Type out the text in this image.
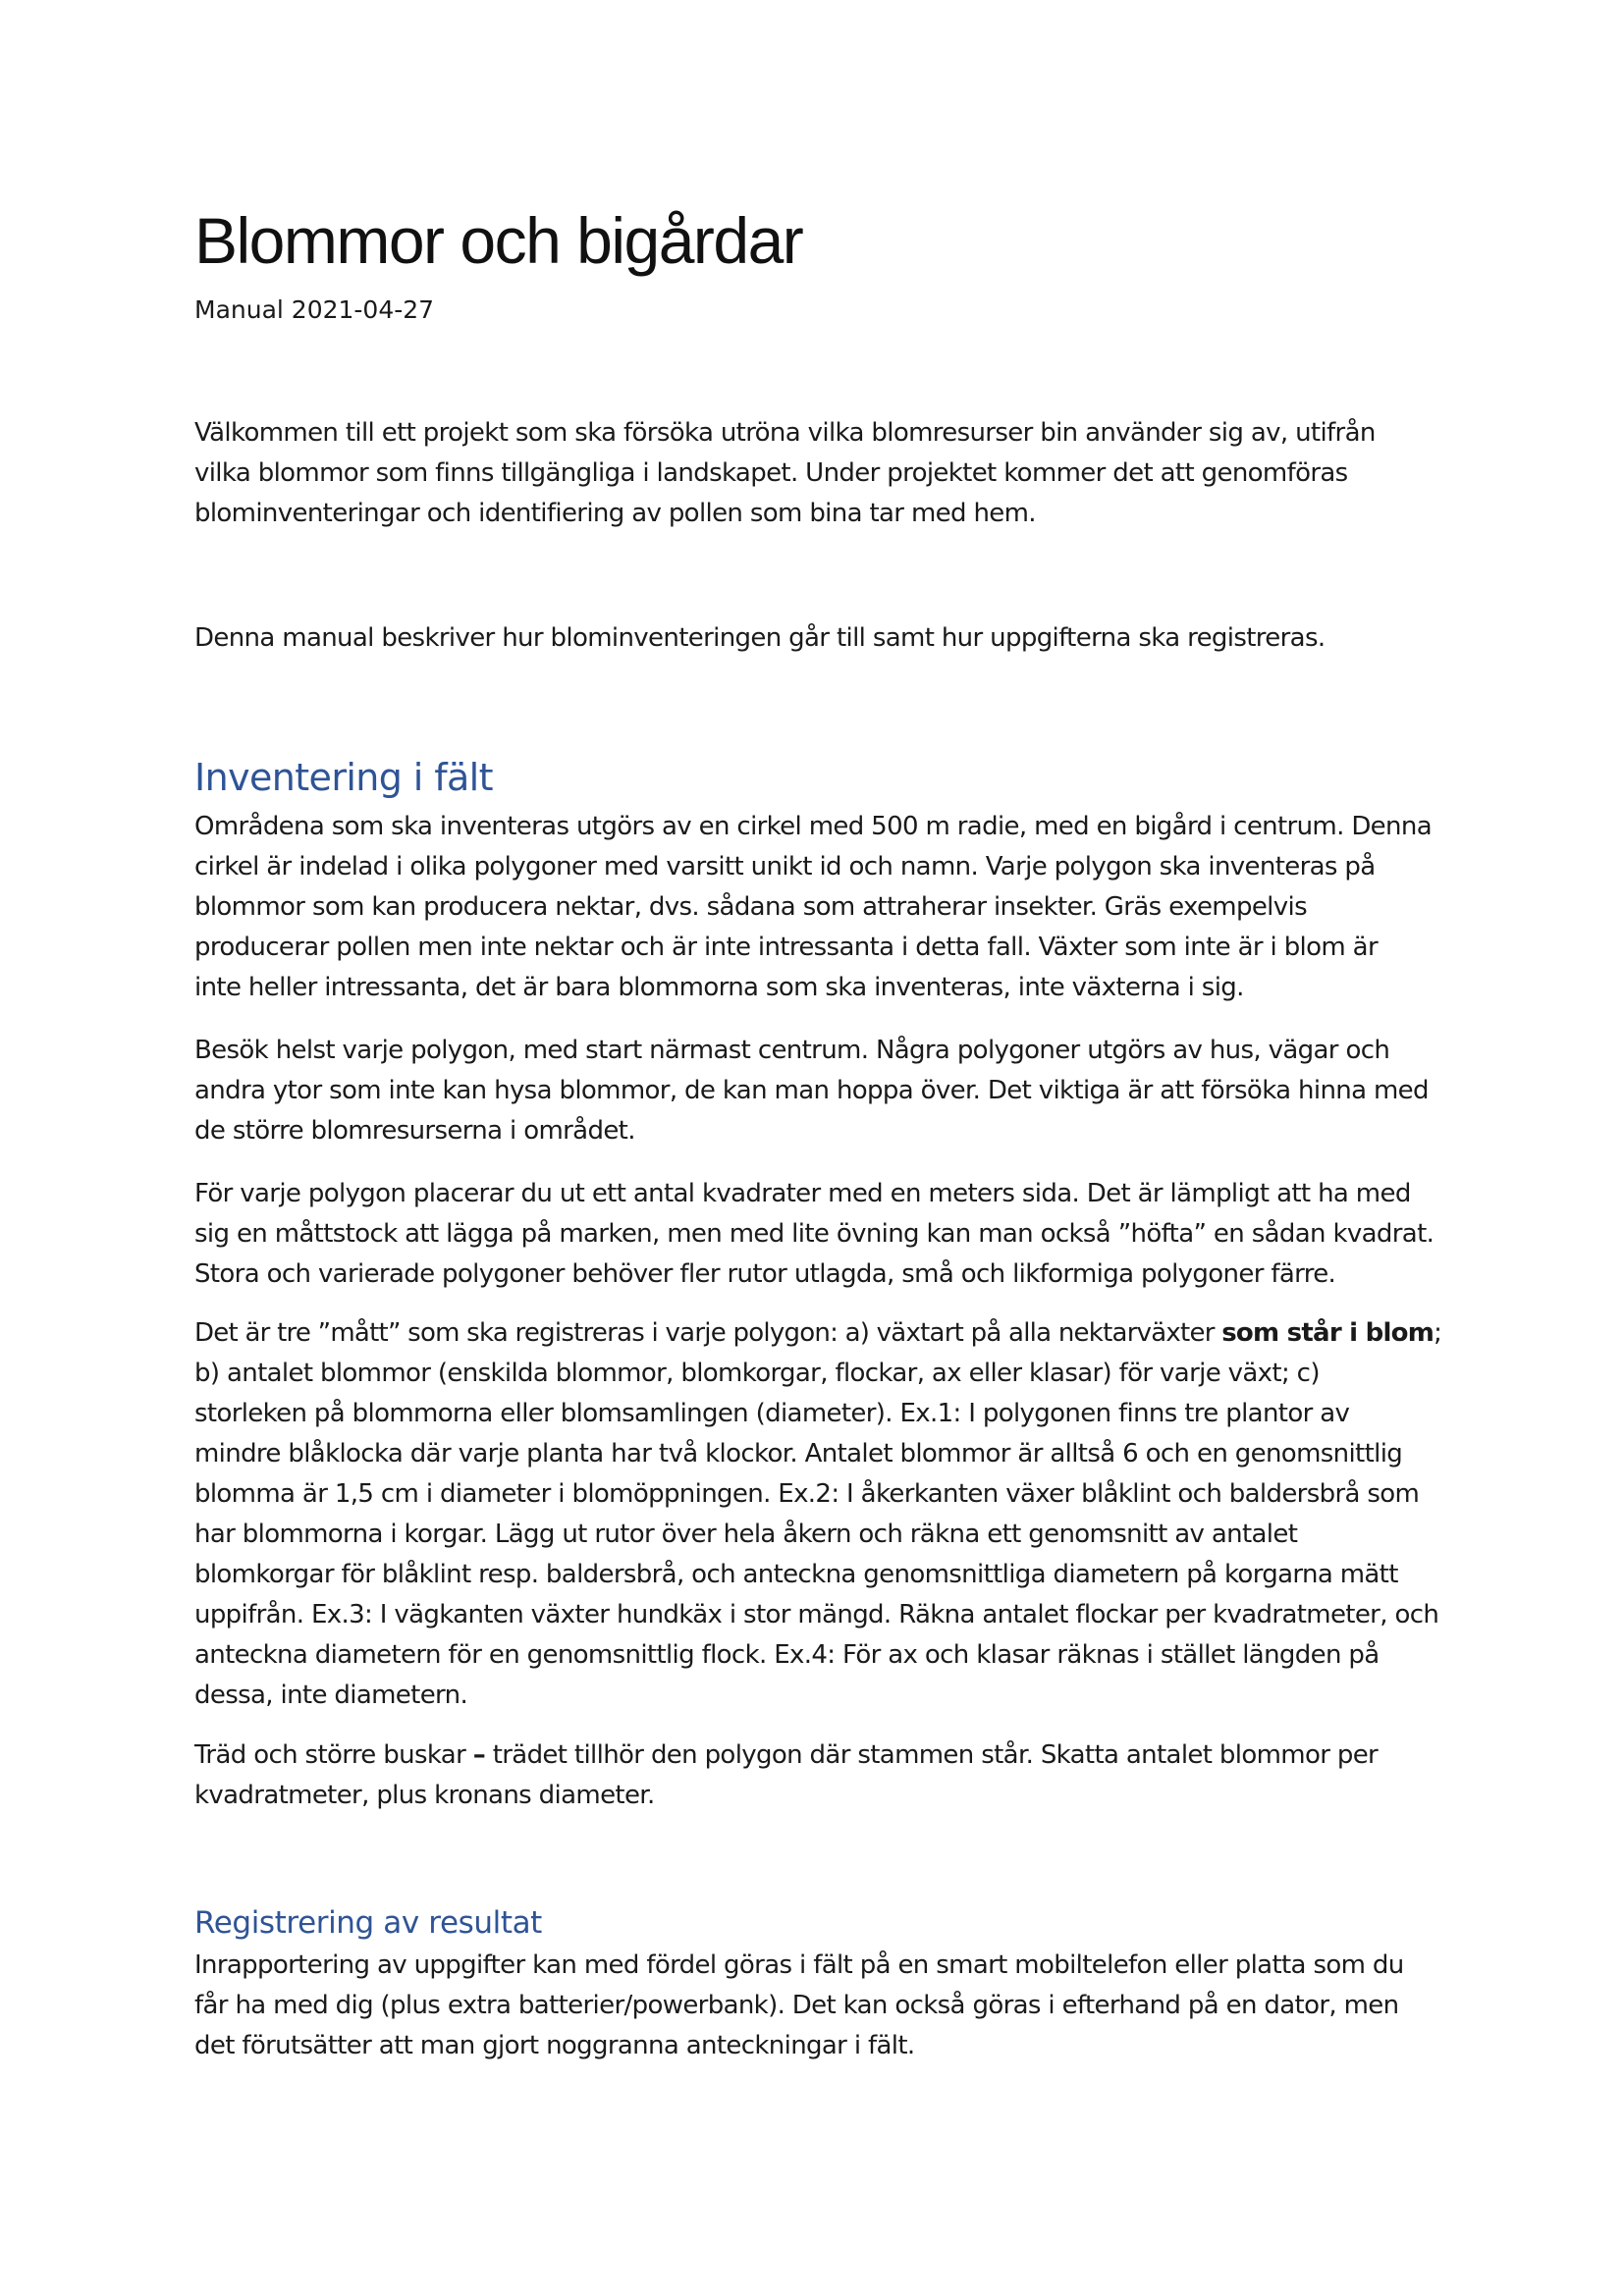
Blommor och bigårdar

Manual 2021-04-27

Välkommen till ett projekt som ska försöka utröna vilka blomresurser bin använder sig av, utifrån
vilka blommor som finns tillgängliga i landskapet. Under projektet kommer det att genomföras
blominventeringar och identifiering av pollen som bina tar med hem.

Denna manual beskriver hur blominventeringen går till samt hur uppgifterna ska registreras.

Inventering i fält

Områdena som ska inventeras utgörs av en cirkel med 500 m radie, med en bigård i centrum. Denna
cirkel är indelad i olika polygoner med varsitt unikt id och namn. Varje polygon ska inventeras på
blommor som kan producera nektar, dvs. sådana som attraherar insekter. Gräs exempelvis
producerar pollen men inte nektar och är inte intressanta i detta fall. Växter som inte är i blom är
inte heller intressanta, det är bara blommorna som ska inventeras, inte växterna i sig.

Besök helst varje polygon, med start närmast centrum. Några polygoner utgörs av hus, vägar och
andra ytor som inte kan hysa blommor, de kan man hoppa över. Det viktiga är att försöka hinna med
de större blomresurserna i området.

För varje polygon placerar du ut ett antal kvadrater med en meters sida. Det är lämpligt att ha med
sig en måttstock att lägga på marken, men med lite övning kan man också ”höfta” en sådan kvadrat.
Stora och varierade polygoner behöver fler rutor utlagda, små och likformiga polygoner färre.

Det är tre ”mått” som ska registreras i varje polygon: a) växtart på alla nektarväxter som står i blom;
b) antalet blommor (enskilda blommor, blomkorgar, flockar, ax eller klasar) för varje växt; c)
storleken på blommorna eller blomsamlingen (diameter). Ex.1: I polygonen finns tre plantor av
mindre blåklocka där varje planta har två klockor. Antalet blommor är alltså 6 och en genomsnittlig
blomma är 1,5 cm i diameter i blomöppningen. Ex.2: I åkerkanten växer blåklint och baldersbrå som
har blommorna i korgar. Lägg ut rutor över hela åkern och räkna ett genomsnitt av antalet
blomkorgar för blåklint resp. baldersbrå, och anteckna genomsnittliga diametern på korgarna mätt
uppifrån. Ex.3: I vägkanten växter hundkäx i stor mängd. Räkna antalet flockar per kvadratmeter, och
anteckna diametern för en genomsnittlig flock. Ex.4: För ax och klasar räknas i stället längden på
dessa, inte diametern.

Träd och större buskar – trädet tillhör den polygon där stammen står. Skatta antalet blommor per
kvadratmeter, plus kronans diameter.

Registrering av resultat

Inrapportering av uppgifter kan med fördel göras i fält på en smart mobiltelefon eller platta som du
får ha med dig (plus extra batterier/powerbank). Det kan också göras i efterhand på en dator, men
det förutsätter att man gjort noggranna anteckningar i fält.
